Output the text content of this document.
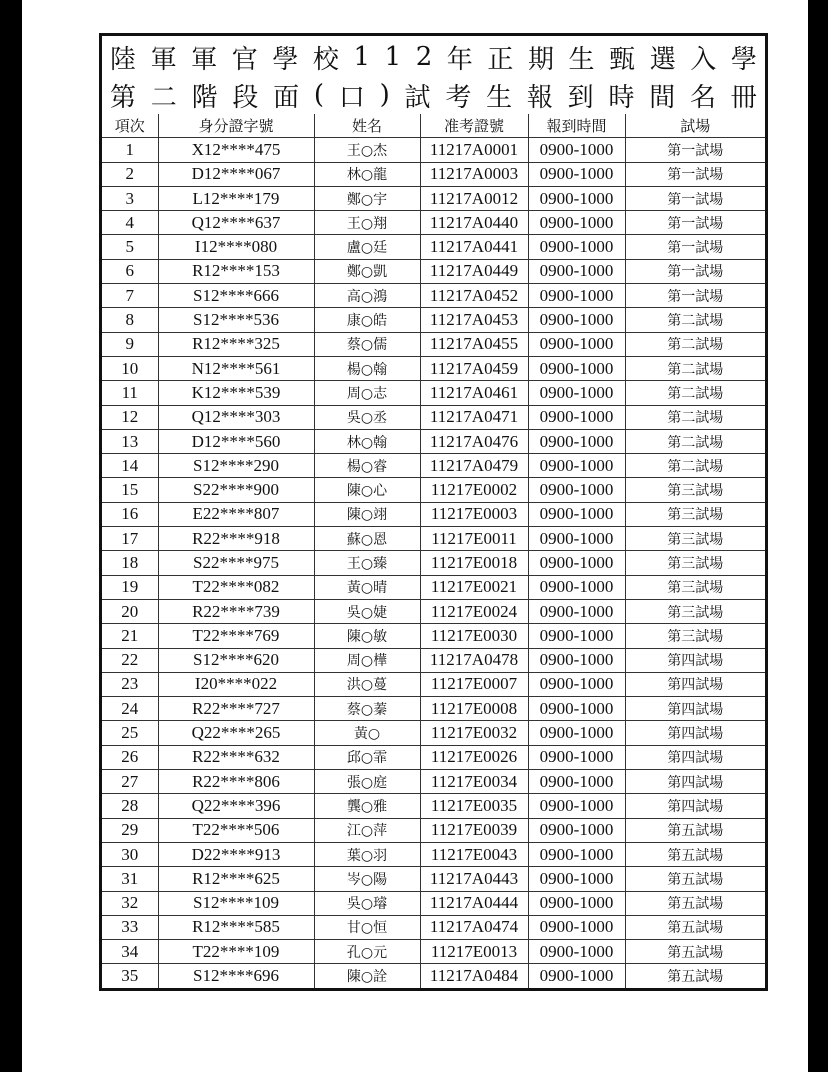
陸 軍 軍 官 學 校 1 1 2 年 正 期 生 甄 選 入 學
第 二 階 段 面 ( 口 ) 試 考 生 報 到 時 間 名 冊
項次	身分證字號	姓名	准考證號	報到時間	試場
1	X12****475	王○杰	11217A0001	0900-1000	第一試場
2	D12****067	林○龍	11217A0003	0900-1000	第一試場
3	L12****179	鄭○宇	11217A0012	0900-1000	第一試場
4	Q12****637	王○翔	11217A0440	0900-1000	第一試場
5	I12****080	盧○廷	11217A0441	0900-1000	第一試場
6	R12****153	鄭○凱	11217A0449	0900-1000	第一試場
7	S12****666	高○鴻	11217A0452	0900-1000	第一試場
8	S12****536	康○皓	11217A0453	0900-1000	第二試場
9	R12****325	蔡○儒	11217A0455	0900-1000	第二試場
10	N12****561	楊○翰	11217A0459	0900-1000	第二試場
11	K12****539	周○志	11217A0461	0900-1000	第二試場
12	Q12****303	吳○丞	11217A0471	0900-1000	第二試場
13	D12****560	林○翰	11217A0476	0900-1000	第二試場
14	S12****290	楊○睿	11217A0479	0900-1000	第二試場
15	S22****900	陳○心	11217E0002	0900-1000	第三試場
16	E22****807	陳○翊	11217E0003	0900-1000	第三試場
17	R22****918	蘇○恩	11217E0011	0900-1000	第三試場
18	S22****975	王○臻	11217E0018	0900-1000	第三試場
19	T22****082	黃○晴	11217E0021	0900-1000	第三試場
20	R22****739	吳○婕	11217E0024	0900-1000	第三試場
21	T22****769	陳○敏	11217E0030	0900-1000	第三試場
22	S12****620	周○樺	11217A0478	0900-1000	第四試場
23	I20****022	洪○蔓	11217E0007	0900-1000	第四試場
24	R22****727	蔡○蓁	11217E0008	0900-1000	第四試場
25	Q22****265	黃○	11217E0032	0900-1000	第四試場
26	R22****632	邱○霏	11217E0026	0900-1000	第四試場
27	R22****806	張○庭	11217E0034	0900-1000	第四試場
28	Q22****396	龔○雅	11217E0035	0900-1000	第四試場
29	T22****506	江○萍	11217E0039	0900-1000	第五試場
30	D22****913	葉○羽	11217E0043	0900-1000	第五試場
31	R12****625	岑○陽	11217A0443	0900-1000	第五試場
32	S12****109	吳○璿	11217A0444	0900-1000	第五試場
33	R12****585	甘○恒	11217A0474	0900-1000	第五試場
34	T22****109	孔○元	11217E0013	0900-1000	第五試場
35	S12****696	陳○詮	11217A0484	0900-1000	第五試場
